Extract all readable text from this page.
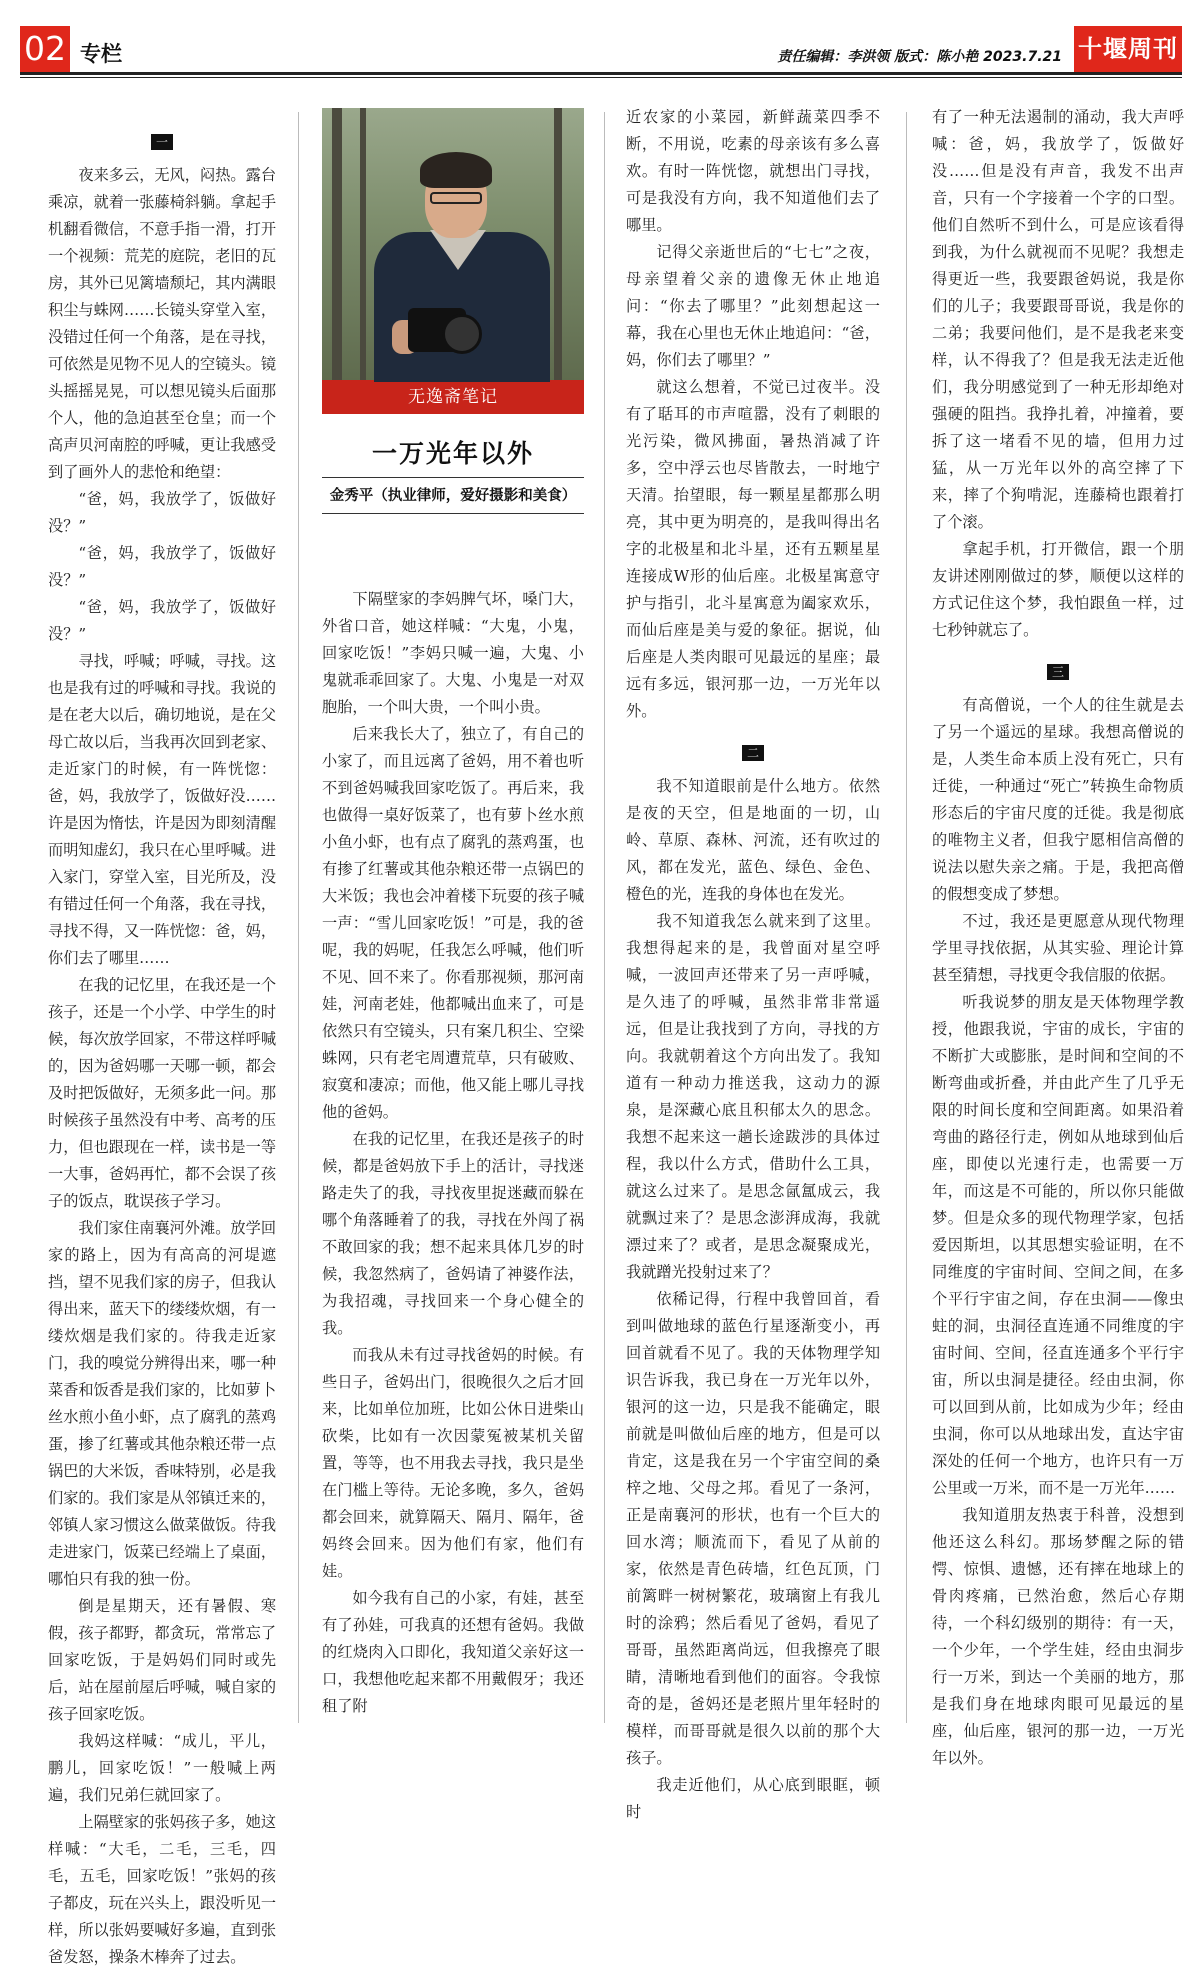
02 专栏	责任编辑：李洪领 版式：陈小艳 2023.7.21 十堰周刊
一

夜来多云，无风，闷热。露台乘凉，就着一张藤椅斜躺。拿起手机翻看微信，不意手指一滑，打开一个视频：荒芜的庭院，老旧的瓦房，其外已见篱墙颓圮，其内满眼积尘与蛛网……长镜头穿堂入室，没错过任何一个角落，是在寻找，可依然是见物不见人的空镜头。镜头摇摇晃晃，可以想见镜头后面那个人，他的急迫甚至仓皇；而一个高声贝河南腔的呼喊，更让我感受到了画外人的悲怆和绝望：

“爸，妈，我放学了，饭做好没？”

“爸，妈，我放学了，饭做好没？”

“爸，妈，我放学了，饭做好没？”

寻找，呼喊；呼喊，寻找。这也是我有过的呼喊和寻找。我说的是在老大以后，确切地说，是在父母亡故以后，当我再次回到老家、走近家门的时候，有一阵恍惚：爸，妈，我放学了，饭做好没……许是因为惰怯，许是因为即刻清醒而明知虚幻，我只在心里呼喊。进入家门，穿堂入室，目光所及，没有错过任何一个角落，我在寻找，寻找不得，又一阵恍惚：爸，妈，你们去了哪里……

在我的记忆里，在我还是一个孩子，还是一个小学、中学生的时候，每次放学回家，不带这样呼喊的，因为爸妈哪一天哪一顿，都会及时把饭做好，无须多此一问。那时候孩子虽然没有中考、高考的压力，但也跟现在一样，读书是一等一大事，爸妈再忙，都不会误了孩子的饭点，耽误孩子学习。

我们家住南襄河外滩。放学回家的路上，因为有高高的河堤遮挡，望不见我们家的房子，但我认得出来，蓝天下的缕缕炊烟，有一缕炊烟是我们家的。待我走近家门，我的嗅觉分辨得出来，哪一种菜香和饭香是我们家的，比如萝卜丝水煎小鱼小虾，点了腐乳的蒸鸡蛋，掺了红薯或其他杂粮还带一点锅巴的大米饭，香味特别，必是我们家的。我们家是从邻镇迁来的，邻镇人家习惯这么做菜做饭。待我走进家门，饭菜已经端上了桌面，哪怕只有我的独一份。

倒是星期天，还有暑假、寒假，孩子都野，都贪玩，常常忘了回家吃饭，于是妈妈们同时或先后，站在屋前屋后呼喊，喊自家的孩子回家吃饭。

我妈这样喊：“成儿，平儿，鹏儿，回家吃饭！”一般喊上两遍，我们兄弟仨就回家了。

上隔壁家的张妈孩子多，她这样喊：“大毛，二毛，三毛，四毛，五毛，回家吃饭！”张妈的孩子都皮，玩在兴头上，跟没听见一样，所以张妈要喊好多遍，直到张爸发怒，操条木棒奔了过去。

无逸斋笔记
一万光年以外
金秀平（执业律师，爱好摄影和美食）

下隔壁家的李妈脾气坏，嗓门大，外省口音，她这样喊：“大鬼，小鬼，回家吃饭！”李妈只喊一遍，大鬼、小鬼就乖乖回家了。大鬼、小鬼是一对双胞胎，一个叫大贵，一个叫小贵。

后来我长大了，独立了，有自己的小家了，而且远离了爸妈，用不着也听不到爸妈喊我回家吃饭了。再后来，我也做得一桌好饭菜了，也有萝卜丝水煎小鱼小虾，也有点了腐乳的蒸鸡蛋，也有掺了红薯或其他杂粮还带一点锅巴的大米饭；我也会冲着楼下玩耍的孩子喊一声：“雪儿回家吃饭！”可是，我的爸呢，我的妈呢，任我怎么呼喊，他们听不见、回不来了。你看那视频，那河南娃，河南老娃，他都喊出血来了，可是依然只有空镜头，只有案几积尘、空梁蛛网，只有老宅周遭荒草，只有破败、寂寞和凄凉；而他，他又能上哪儿寻找他的爸妈。

在我的记忆里，在我还是孩子的时候，都是爸妈放下手上的活计，寻找迷路走失了的我，寻找夜里捉迷藏而躲在哪个角落睡着了的我，寻找在外闯了祸不敢回家的我；想不起来具体几岁的时候，我忽然病了，爸妈请了神婆作法，为我招魂，寻找回来一个身心健全的我。

而我从未有过寻找爸妈的时候。有些日子，爸妈出门，很晚很久之后才回来，比如单位加班，比如公休日进柴山砍柴，比如有一次因蒙冤被某机关留置，等等，也不用我去寻找，我只是坐在门槛上等待。无论多晚，多久，爸妈都会回来，就算隔天、隔月、隔年，爸妈终会回来。因为他们有家，他们有娃。

如今我有自己的小家，有娃，甚至有了孙娃，可我真的还想有爸妈。我做的红烧肉入口即化，我知道父亲好这一口，我想他吃起来都不用戴假牙；我还租了附

近农家的小菜园，新鲜蔬菜四季不断，不用说，吃素的母亲该有多么喜欢。有时一阵恍惚，就想出门寻找，可是我没有方向，我不知道他们去了哪里。

记得父亲逝世后的“七七”之夜，母亲望着父亲的遗像无休止地追问：“你去了哪里？”此刻想起这一幕，我在心里也无休止地追问：“爸，妈，你们去了哪里？”

就这么想着，不觉已过夜半。没有了聒耳的市声喧嚣，没有了刺眼的光污染，微风拂面，暑热消减了许多，空中浮云也尽皆散去，一时地宁天清。抬望眼，每一颗星星都那么明亮，其中更为明亮的，是我叫得出名字的北极星和北斗星，还有五颗星星连接成W形的仙后座。北极星寓意守护与指引，北斗星寓意为阖家欢乐，而仙后座是美与爱的象征。据说，仙后座是人类肉眼可见最远的星座；最远有多远，银河那一边，一万光年以外。

二

我不知道眼前是什么地方。依然是夜的天空，但是地面的一切，山岭、草原、森林、河流，还有吹过的风，都在发光，蓝色、绿色、金色、橙色的光，连我的身体也在发光。

我不知道我怎么就来到了这里。我想得起来的是，我曾面对星空呼喊，一波回声还带来了另一声呼喊，是久违了的呼喊，虽然非常非常遥远，但是让我找到了方向，寻找的方向。我就朝着这个方向出发了。我知道有一种动力推送我，这动力的源泉，是深藏心底且积郁太久的思念。我想不起来这一趟长途跋涉的具体过程，我以什么方式，借助什么工具，就这么过来了。是思念氤氲成云，我就飘过来了？是思念澎湃成海，我就漂过来了？或者，是思念凝聚成光，我就蹭光投射过来了？

依稀记得，行程中我曾回首，看到叫做地球的蓝色行星逐渐变小，再回首就看不见了。我的天体物理学知识告诉我，我已身在一万光年以外，银河的这一边，只是我不能确定，眼前就是叫做仙后座的地方，但是可以肯定，这是我在另一个宇宙空间的桑梓之地、父母之邦。看见了一条河，正是南襄河的形状，也有一个巨大的回水湾；顺流而下，看见了从前的家，依然是青色砖墙，红色瓦顶，门前篱畔一树树繁花，玻璃窗上有我儿时的涂鸦；然后看见了爸妈，看见了哥哥，虽然距离尚远，但我擦亮了眼睛，清晰地看到他们的面容。令我惊奇的是，爸妈还是老照片里年轻时的模样，而哥哥就是很久以前的那个大孩子。

我走近他们，从心底到眼眶，顿时

有了一种无法遏制的涌动，我大声呼喊：爸，妈，我放学了，饭做好没……但是没有声音，我发不出声音，只有一个字接着一个字的口型。他们自然听不到什么，可是应该看得到我，为什么就视而不见呢？我想走得更近一些，我要跟爸妈说，我是你们的儿子；我要跟哥哥说，我是你的二弟；我要问他们，是不是我老来变样，认不得我了？但是我无法走近他们，我分明感觉到了一种无形却绝对强硬的阻挡。我挣扎着，冲撞着，要拆了这一堵看不见的墙，但用力过猛，从一万光年以外的高空摔了下来，摔了个狗啃泥，连藤椅也跟着打了个滚。

拿起手机，打开微信，跟一个朋友讲述刚刚做过的梦，顺便以这样的方式记住这个梦，我怕跟鱼一样，过七秒钟就忘了。

三

有高僧说，一个人的往生就是去了另一个遥远的星球。我想高僧说的是，人类生命本质上没有死亡，只有迁徙，一种通过“死亡”转换生命物质形态后的宇宙尺度的迁徙。我是彻底的唯物主义者，但我宁愿相信高僧的说法以慰失亲之痛。于是，我把高僧的假想变成了梦想。

不过，我还是更愿意从现代物理学里寻找依据，从其实验、理论计算甚至猜想，寻找更令我信服的依据。

听我说梦的朋友是天体物理学教授，他跟我说，宇宙的成长，宇宙的不断扩大或膨胀，是时间和空间的不断弯曲或折叠，并由此产生了几乎无限的时间长度和空间距离。如果沿着弯曲的路径行走，例如从地球到仙后座，即使以光速行走，也需要一万年，而这是不可能的，所以你只能做梦。但是众多的现代物理学家，包括爱因斯坦，以其思想实验证明，在不同维度的宇宙时间、空间之间，在多个平行宇宙之间，存在虫洞——像虫蛀的洞，虫洞径直连通不同维度的宇宙时间、空间，径直连通多个平行宇宙，所以虫洞是捷径。经由虫洞，你可以回到从前，比如成为少年；经由虫洞，你可以从地球出发，直达宇宙深处的任何一个地方，也许只有一万公里或一万米，而不是一万光年……

我知道朋友热衷于科普，没想到他还这么科幻。那场梦醒之际的错愕、惊惧、遗憾，还有摔在地球上的骨肉疼痛，已然治愈，然后心存期待，一个科幻级别的期待：有一天，一个少年，一个学生娃，经由虫洞步行一万米，到达一个美丽的地方，那是我们身在地球肉眼可见最远的星座，仙后座，银河的那一边，一万光年以外。
